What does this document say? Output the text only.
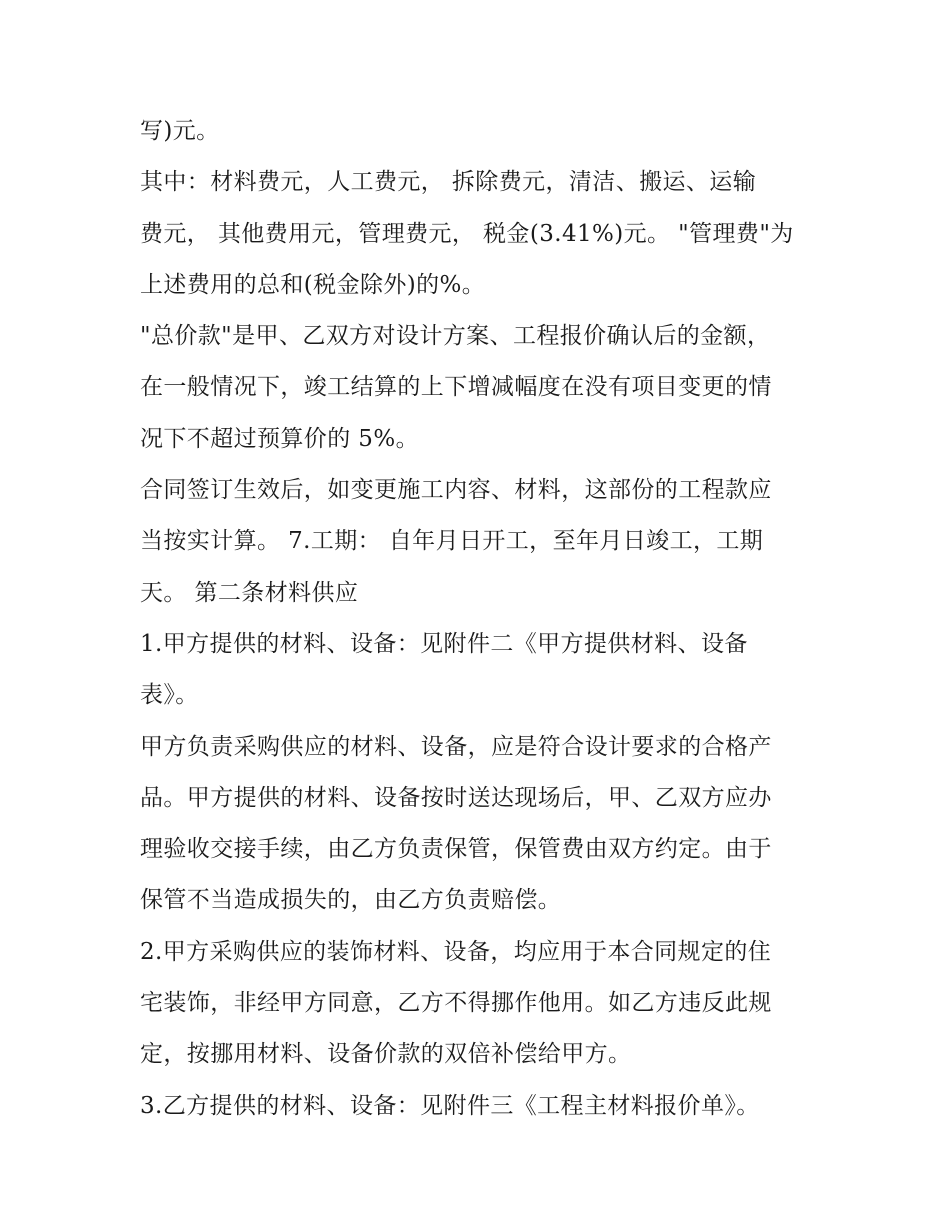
写)元。
其中：材料费元，人工费元， 拆除费元，清洁、搬运、运输
费元， 其他费用元，管理费元， 税金(3.41%)元。 "管理费"为
上述费用的总和(税金除外)的%。
"总价款"是甲、乙双方对设计方案、工程报价确认后的金额，
在一般情况下，竣工结算的上下增减幅度在没有项目变更的情
况下不超过预算价的 5%。
合同签订生效后，如变更施工内容、材料，这部份的工程款应
当按实计算。 7.工期： 自年月日开工，至年月日竣工，工期
天。 第二条材料供应
1.甲方提供的材料、设备：见附件二《甲方提供材料、设备
表》。
甲方负责采购供应的材料、设备，应是符合设计要求的合格产
品。甲方提供的材料、设备按时送达现场后，甲、乙双方应办
理验收交接手续，由乙方负责保管，保管费由双方约定。由于
保管不当造成损失的，由乙方负责赔偿。
2.甲方采购供应的装饰材料、设备，均应用于本合同规定的住
宅装饰，非经甲方同意，乙方不得挪作他用。如乙方违反此规
定，按挪用材料、设备价款的双倍补偿给甲方。
3.乙方提供的材料、设备：见附件三《工程主材料报价单》。
